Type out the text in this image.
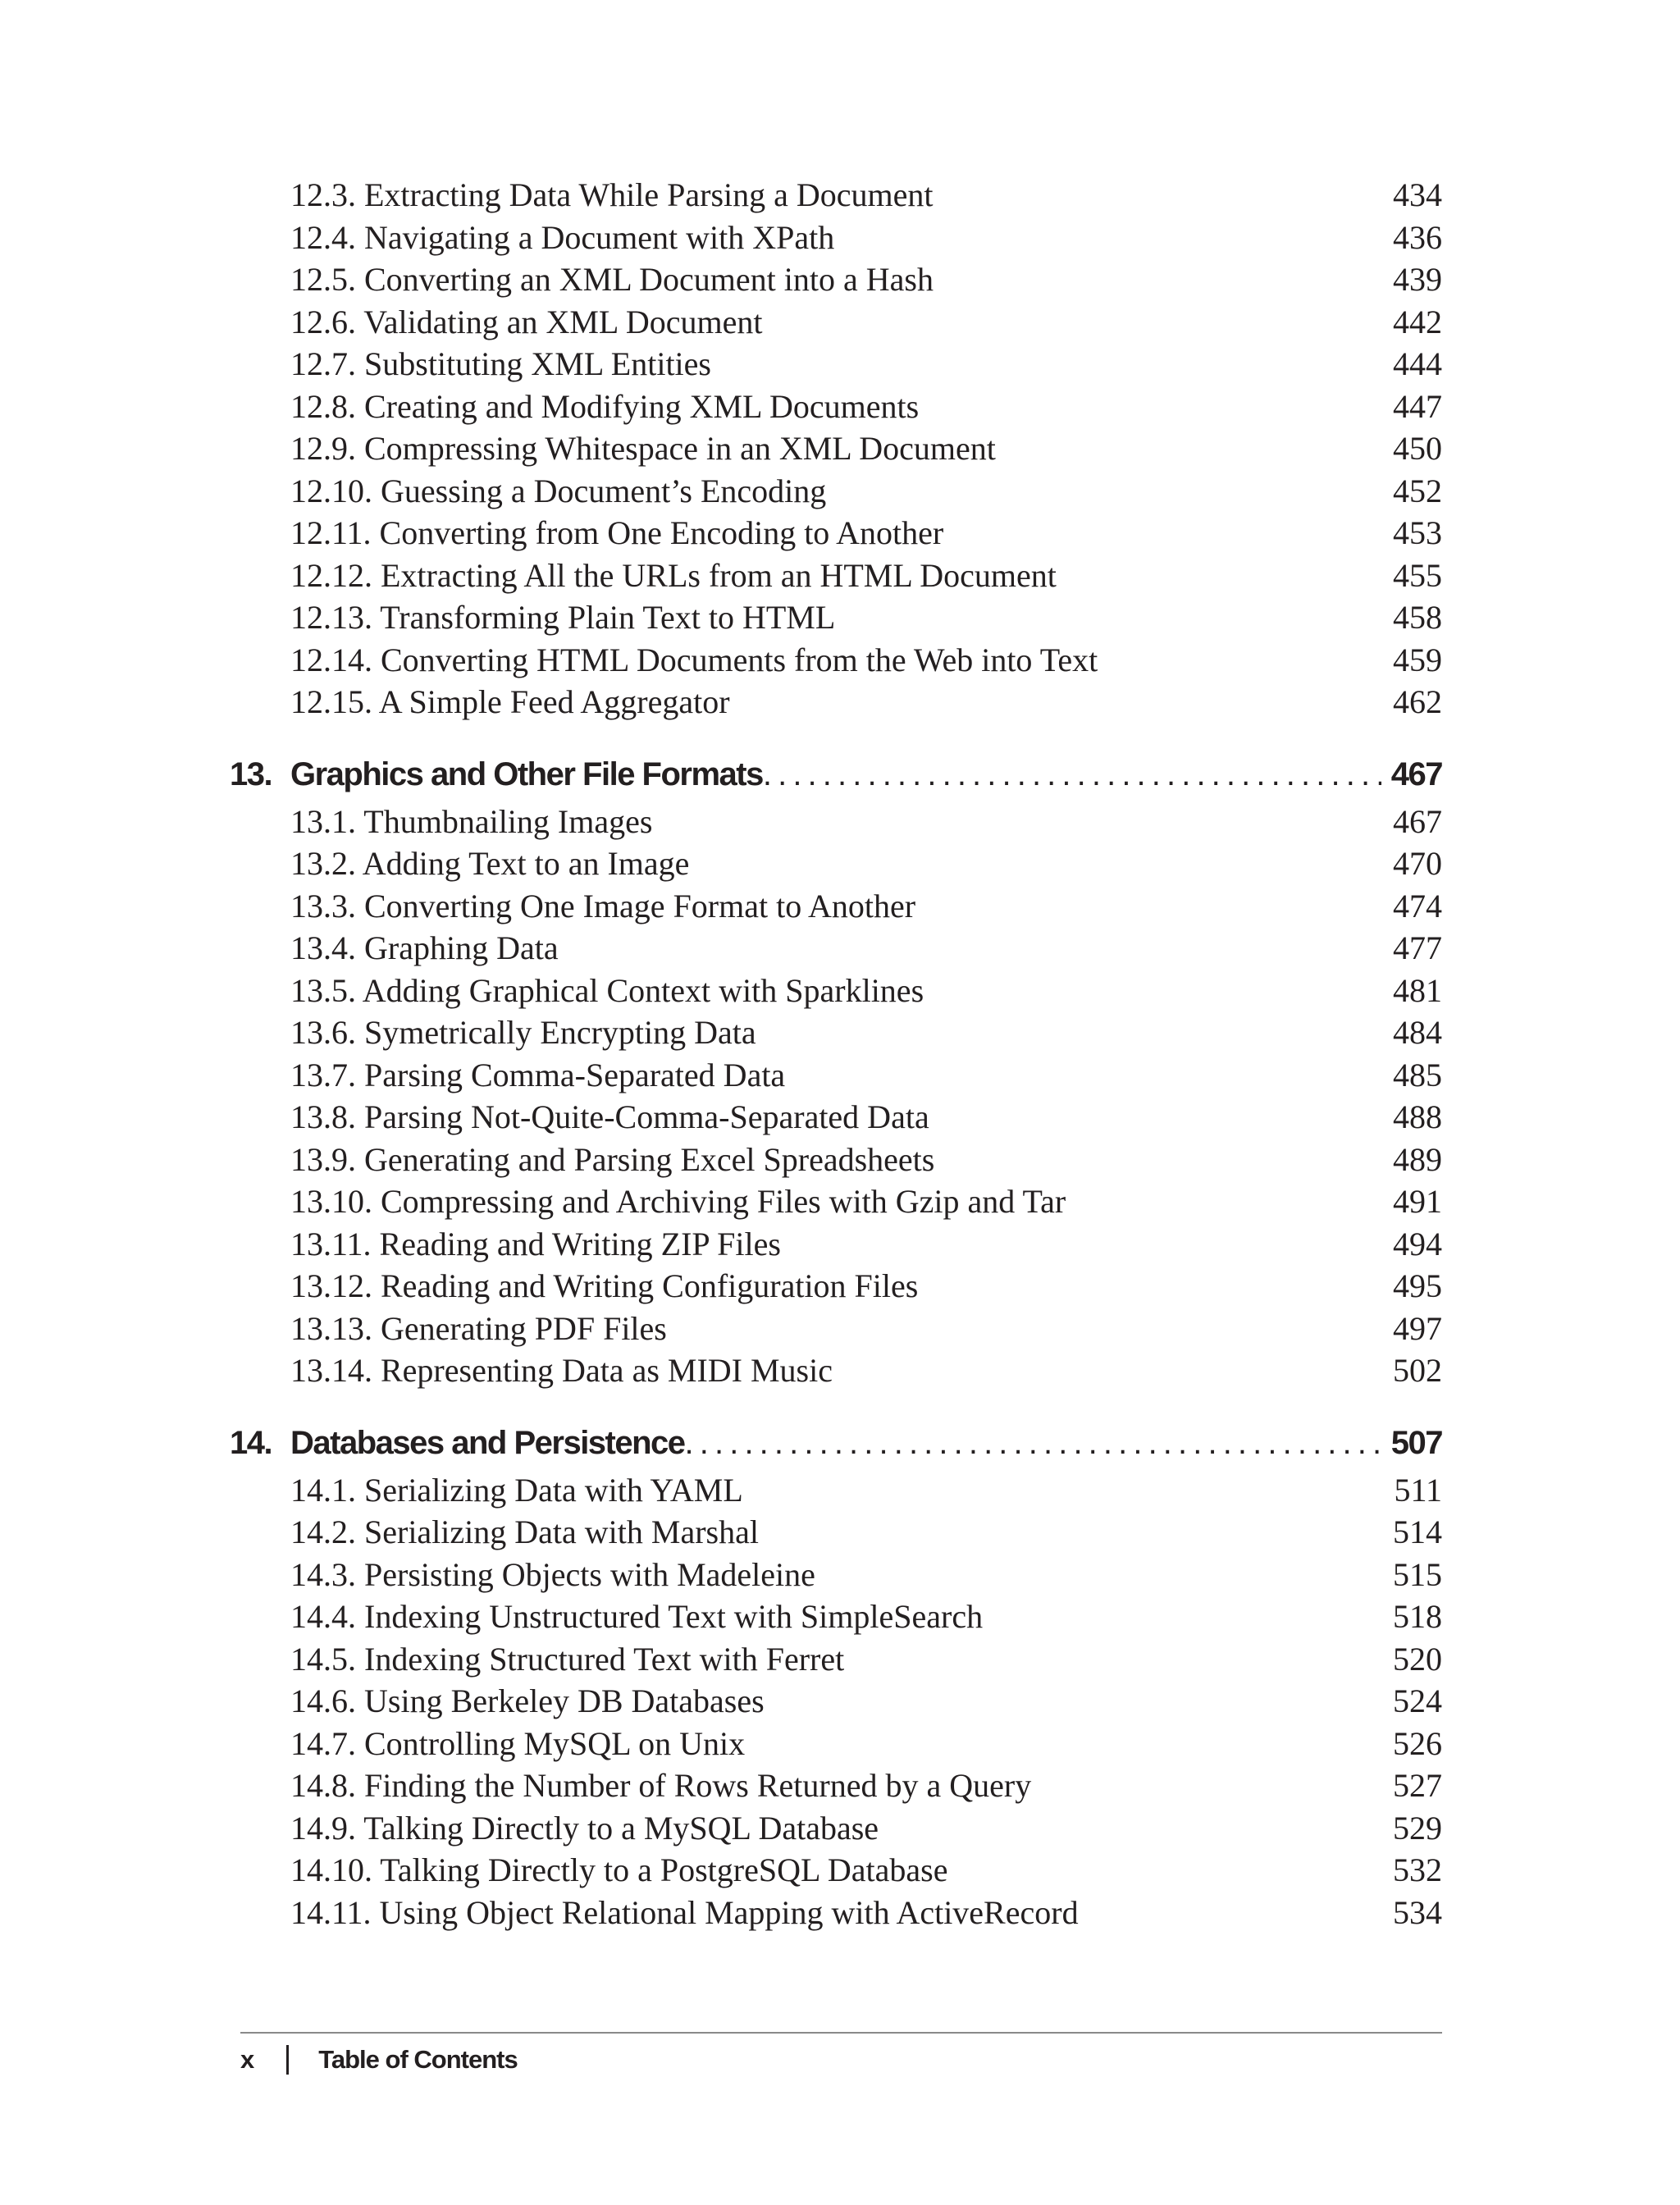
12.3. Extracting Data While Parsing a Document	434
12.4. Navigating a Document with XPath	436
12.5. Converting an XML Document into a Hash	439
12.6. Validating an XML Document	442
12.7. Substituting XML Entities	444
12.8. Creating and Modifying XML Documents	447
12.9. Compressing Whitespace in an XML Document	450
12.10. Guessing a Document’s Encoding	452
12.11. Converting from One Encoding to Another	453
12.12. Extracting All the URLs from an HTML Document	455
12.13. Transforming Plain Text to HTML	458
12.14. Converting HTML Documents from the Web into Text	459
12.15. A Simple Feed Aggregator	462
13. Graphics and Other File Formats . . .	467
13.1. Thumbnailing Images	467
13.2. Adding Text to an Image	470
13.3. Converting One Image Format to Another	474
13.4. Graphing Data	477
13.5. Adding Graphical Context with Sparklines	481
13.6. Symetrically Encrypting Data	484
13.7. Parsing Comma-Separated Data	485
13.8. Parsing Not-Quite-Comma-Separated Data	488
13.9. Generating and Parsing Excel Spreadsheets	489
13.10. Compressing and Archiving Files with Gzip and Tar	491
13.11. Reading and Writing ZIP Files	494
13.12. Reading and Writing Configuration Files	495
13.13. Generating PDF Files	497
13.14. Representing Data as MIDI Music	502
14. Databases and Persistence . . .	507
14.1. Serializing Data with YAML	511
14.2. Serializing Data with Marshal	514
14.3. Persisting Objects with Madeleine	515
14.4. Indexing Unstructured Text with SimpleSearch	518
14.5. Indexing Structured Text with Ferret	520
14.6. Using Berkeley DB Databases	524
14.7. Controlling MySQL on Unix	526
14.8. Finding the Number of Rows Returned by a Query	527
14.9. Talking Directly to a MySQL Database	529
14.10. Talking Directly to a PostgreSQL Database	532
14.11. Using Object Relational Mapping with ActiveRecord	534
x	Table of Contents
